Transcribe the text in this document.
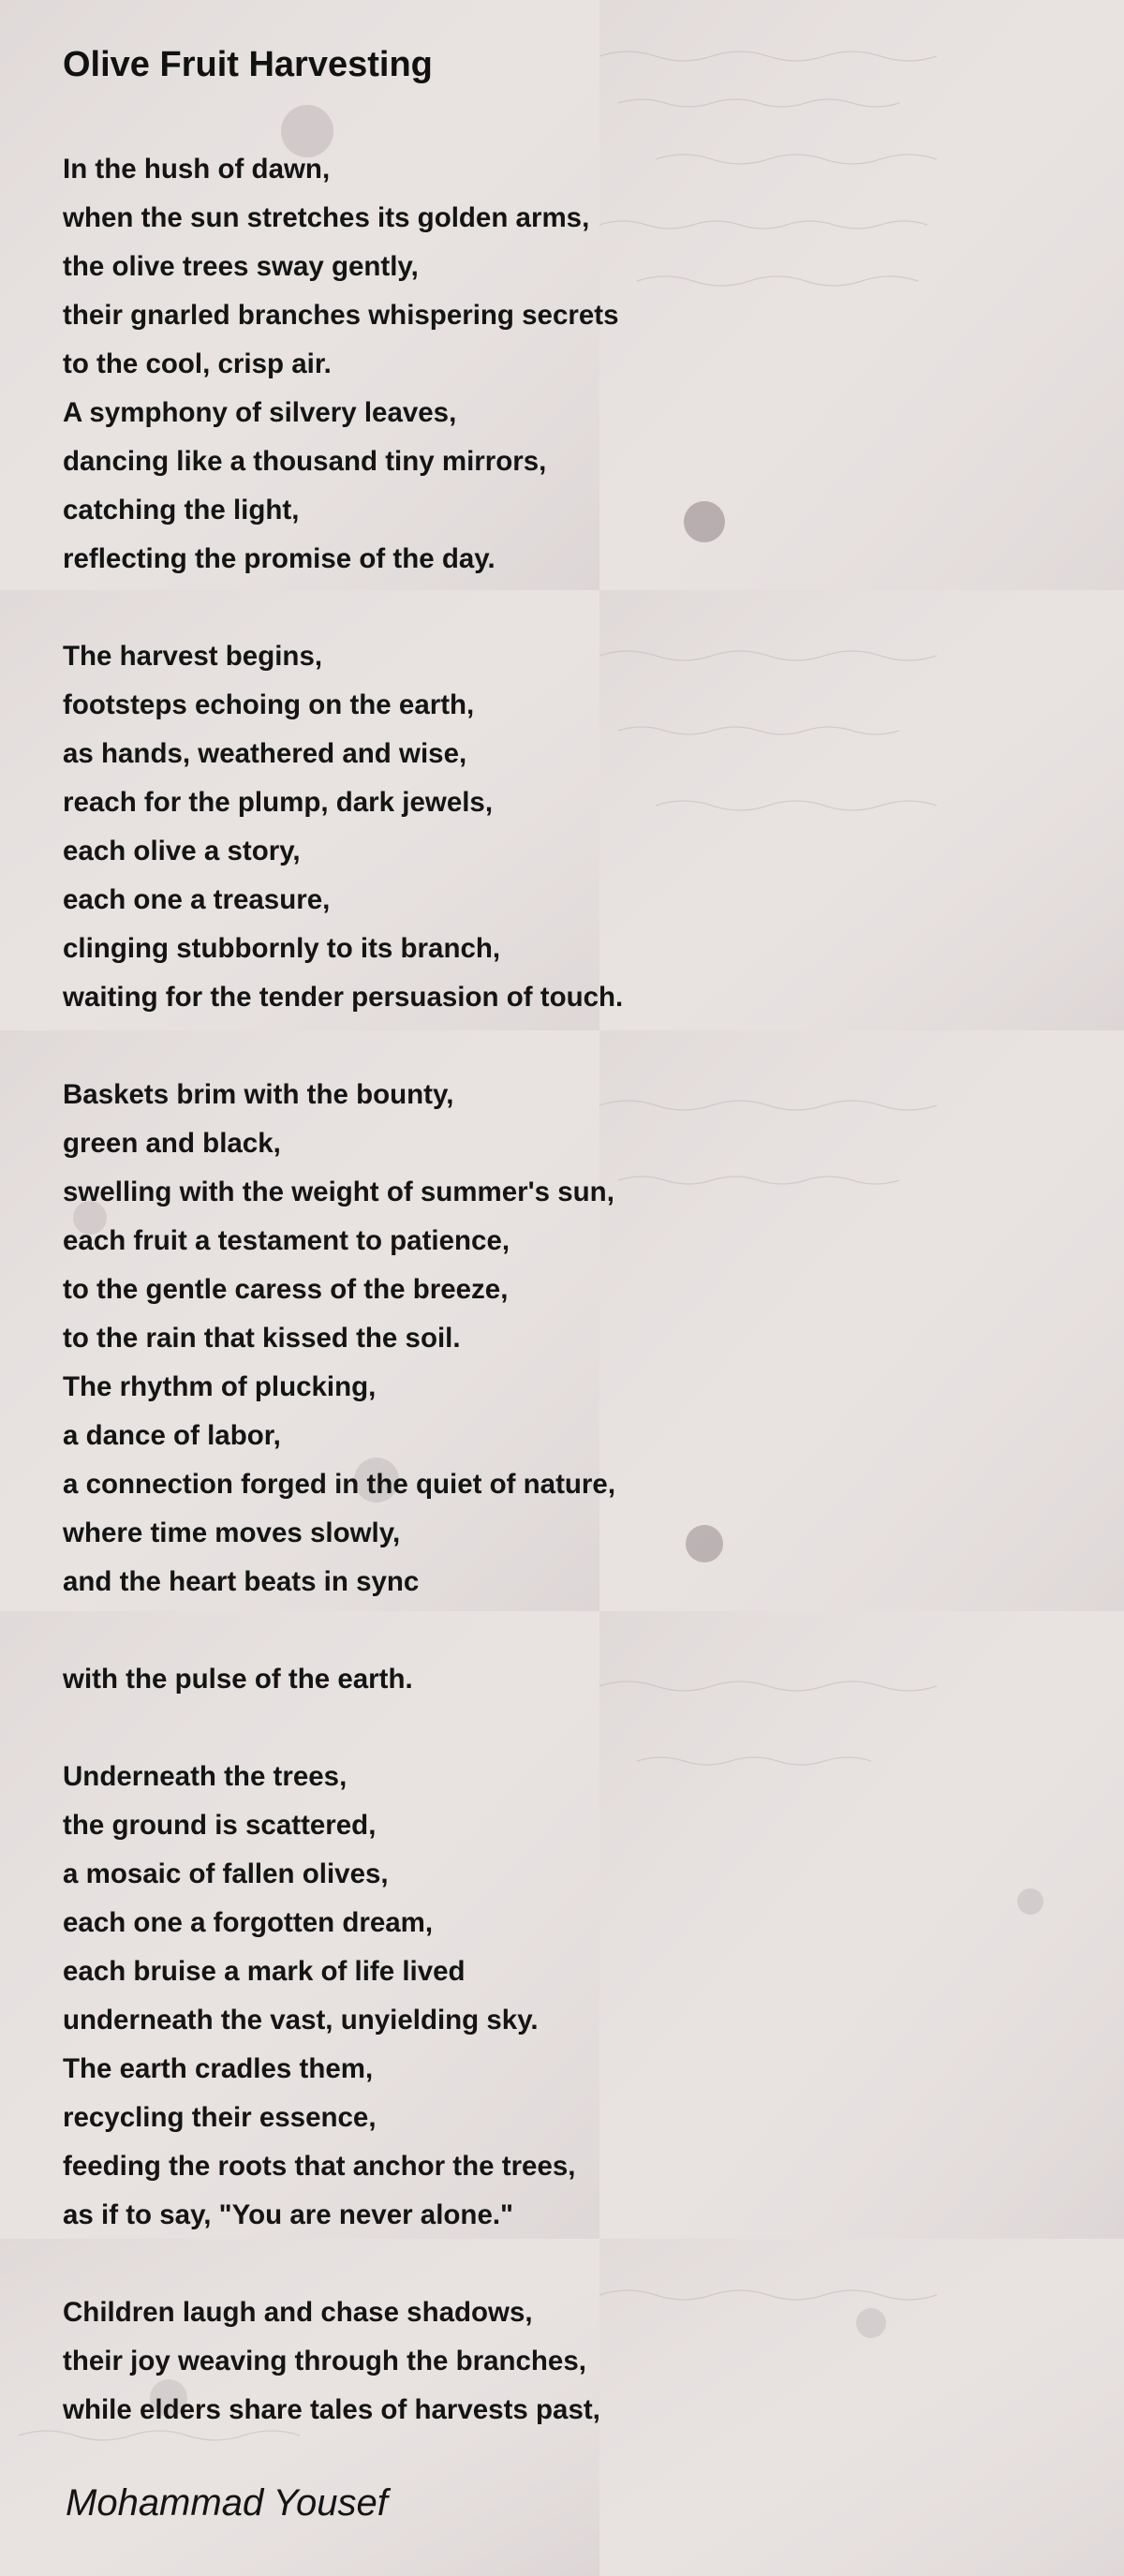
Olive Fruit Harvesting
In the hush of dawn,
when the sun stretches its golden arms,
the olive trees sway gently,
their gnarled branches whispering secrets
to the cool, crisp air.
A symphony of silvery leaves,
dancing like a thousand tiny mirrors,
catching the light,
reflecting the promise of the day.
The harvest begins,
footsteps echoing on the earth,
as hands, weathered and wise,
reach for the plump, dark jewels,
each olive a story,
each one a treasure,
clinging stubbornly to its branch,
waiting for the tender persuasion of touch.
Baskets brim with the bounty,
green and black,
swelling with the weight of summer's sun,
each fruit a testament to patience,
to the gentle caress of the breeze,
to the rain that kissed the soil.
The rhythm of plucking,
a dance of labor,
a connection forged in the quiet of nature,
where time moves slowly,
and the heart beats in sync
with the pulse of the earth.
Underneath the trees,
the ground is scattered,
a mosaic of fallen olives,
each one a forgotten dream,
each bruise a mark of life lived
underneath the vast, unyielding sky.
The earth cradles them,
recycling their essence,
feeding the roots that anchor the trees,
as if to say, "You are never alone."
Children laugh and chase shadows,
their joy weaving through the branches,
while elders share tales of harvests past,

Mohammad Yousef
